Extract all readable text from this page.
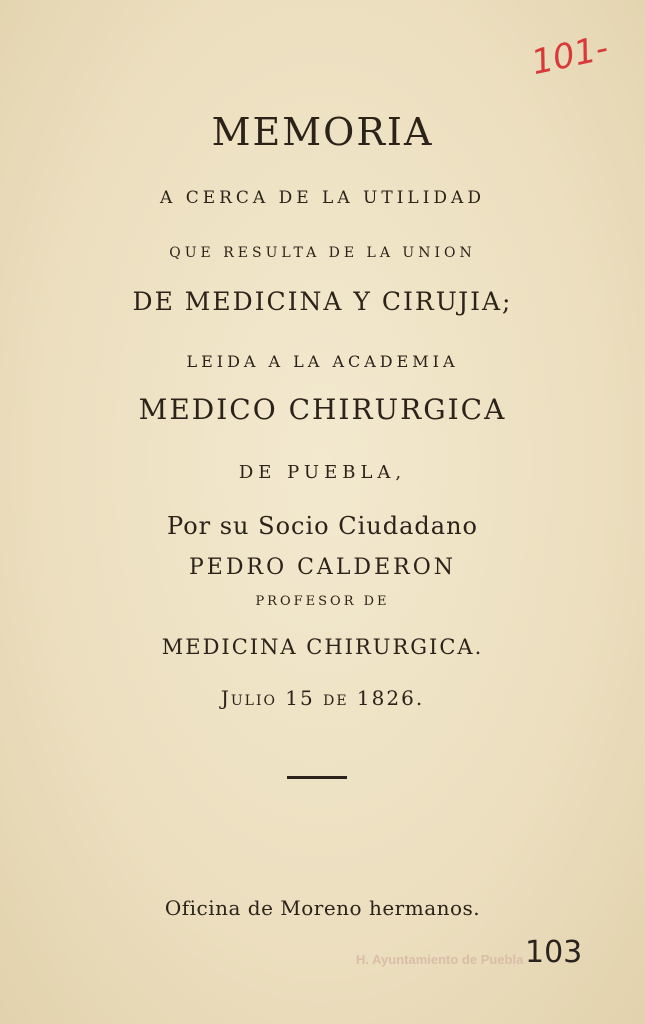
101-
MEMORIA
A CERCA DE LA UTILIDAD
QUE RESULTA DE LA UNION
DE MEDICINA Y CIRUJIA;
LEIDA A LA ACADEMIA
MEDICO CHIRURGICA
DE PUEBLA,
Por su Socio Ciudadano
PEDRO CALDERON
PROFESOR DE
MEDICINA CHIRURGICA.
Julio 15 de 1826.
Oficina de Moreno hermanos.
H. Ayuntamiento de Puebla 103
